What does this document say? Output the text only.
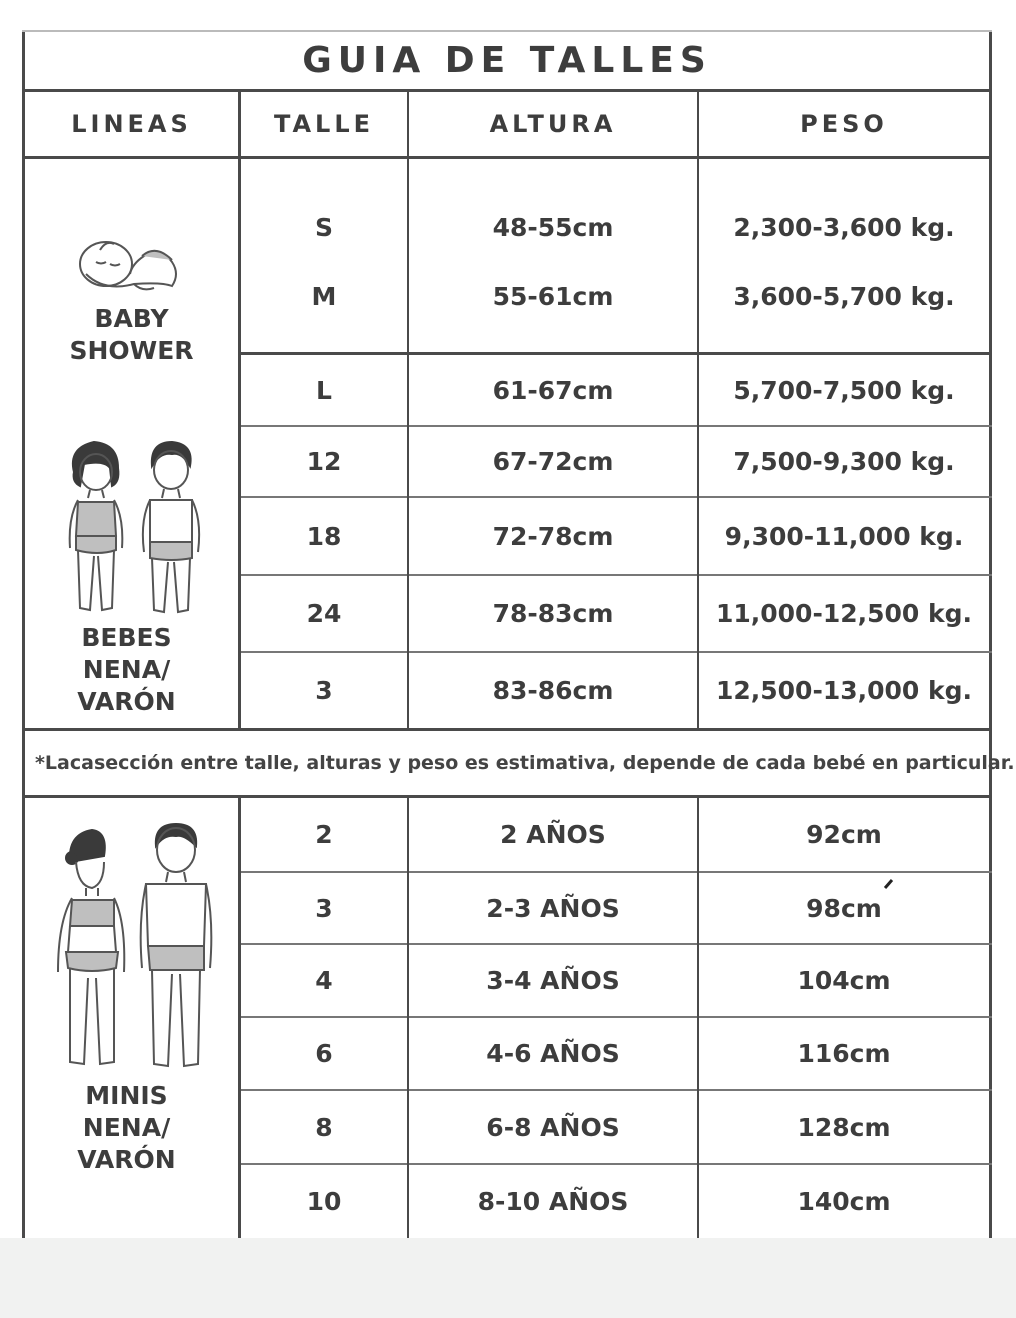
GUIA DE TALLES
LINEAS	TALLE	ALTURA	PESO
S	48-55cm	2,300-3,600 kg.
M	55-61cm	3,600-5,700 kg.
L	61-67cm	5,700-7,500 kg.
12	67-72cm	7,500-9,300 kg.
18	72-78cm	9,300-11,000 kg.
24	78-83cm	11,000-12,500 kg.
3	83-86cm	12,500-13,000 kg.
BABY
SHOWER
BEBES
NENA/
VARÓN
*Lacasección entre talle, alturas y peso es estimativa, depende de cada bebé en particular.
2	2 AÑOS	92cm
3	2-3 AÑOS	98cm
4	3-4 AÑOS	104cm
6	4-6 AÑOS	116cm
8	6-8 AÑOS	128cm
10	8-10 AÑOS	140cm
MINIS
NENA/
VARÓN
